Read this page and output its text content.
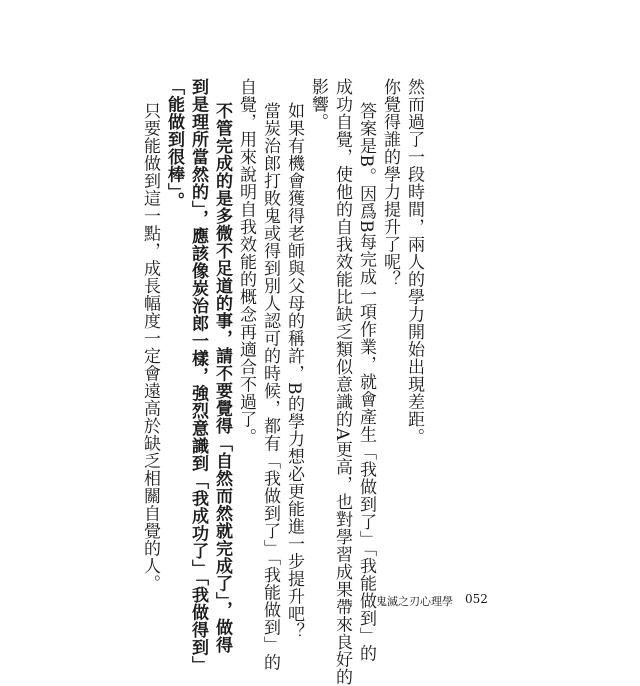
然而過了一段時間，兩人的學力開始出現差距。
你覺得誰的學力提升了呢？
答案是B。因爲B每完成一項作業，就會產生「我做到了」「我能做到」的
成功自覺，使他的自我效能比缺乏類似意識的A更高，也對學習成果帶來良好的
影響。
如果有機會獲得老師與父母的稱許，B的學力想必更能進一步提升吧？
當炭治郎打敗鬼或得到別人認可的時候，都有「我做到了」「我能做到」的
自覺，用來說明自我效能的概念再適合不過了。
不管完成的是多微不足道的事，請不要覺得「自然而然就完成了」，做得
到是理所當然的」，應該像炭治郎一樣，強烈意識到「我成功了」「我做得到」
「能做到很棒」。
只要能做到這一點，成長幅度一定會遠高於缺乏相關自覺的人。
鬼滅之刃心理學 052
